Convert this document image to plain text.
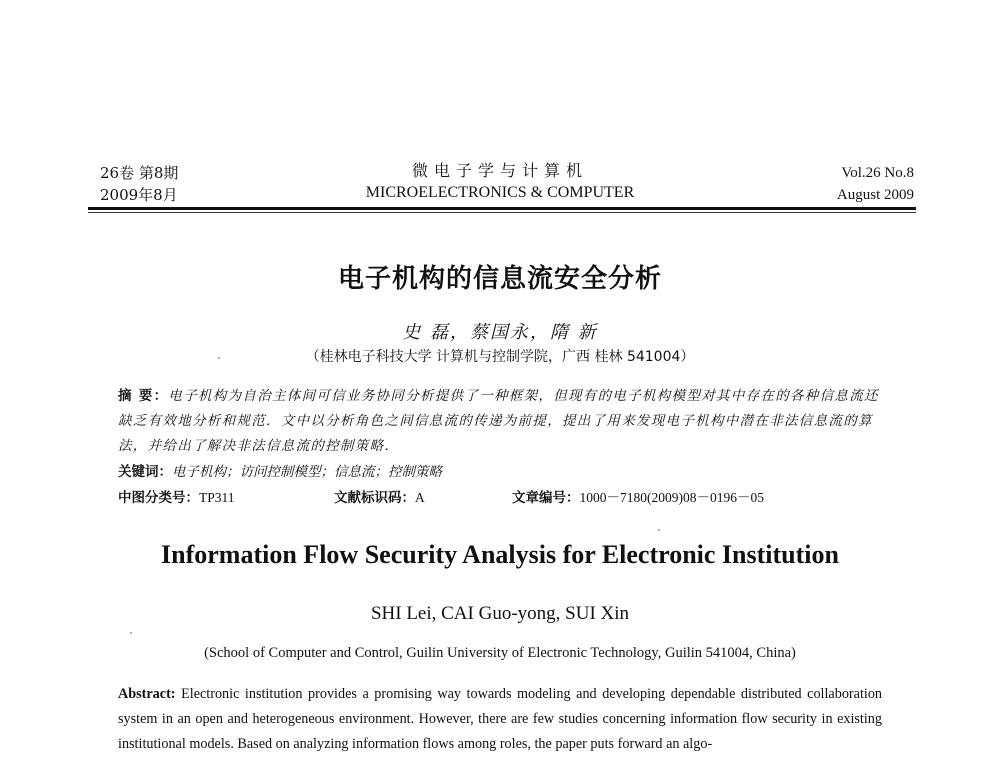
26卷 第8期
2009年8月
微电子学与计算机
MICROELECTRONICS & COMPUTER
Vol.26 No.8
August 2009
电子机构的信息流安全分析
史 磊，蔡国永，隋 新
（桂林电子科技大学 计算机与控制学院，广西 桂林 541004）
摘 要：电子机构为自治主体间可信业务协同分析提供了一种框架，但现有的电子机构模型对其中存在的各种信息流还缺乏有效地分析和规范．文中以分析角色之间信息流的传递为前提，提出了用来发现电子机构中潜在非法信息流的算法，并给出了解决非法信息流的控制策略．
关键词：电子机构；访问控制模型；信息流；控制策略
中图分类号：TP311	文献标识码：A	文章编号：1000－7180(2009)08－0196－05
Information Flow Security Analysis for Electronic Institution
SHI Lei, CAI Guo-yong, SUI Xin
(School of Computer and Control, Guilin University of Electronic Technology, Guilin 541004, China)
Abstract: Electronic institution provides a promising way towards modeling and developing dependable distributed collaboration system in an open and heterogeneous environment. However, there are few studies concerning information flow security in existing institutional models. Based on analyzing information flows among roles, the paper puts forward an algo-
